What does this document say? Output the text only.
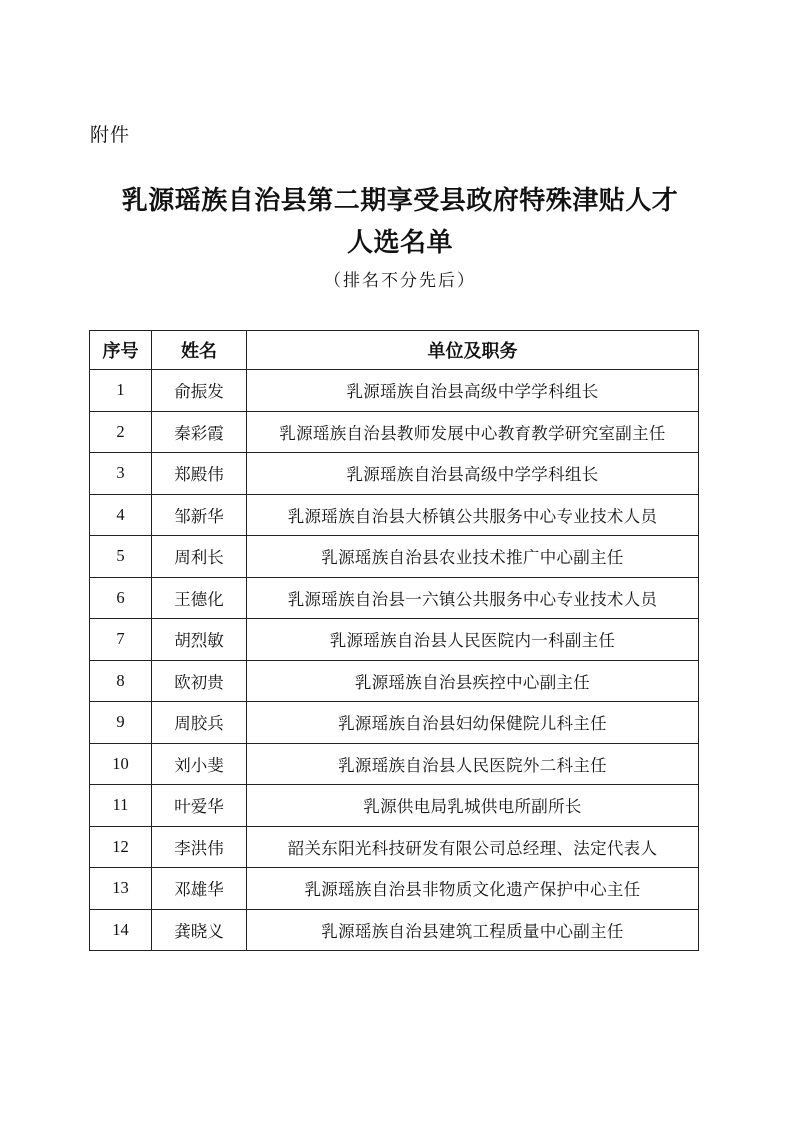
附件
乳源瑶族自治县第二期享受县政府特殊津贴人才
人选名单
（排名不分先后）
序号	姓名	单位及职务
1	俞振发	乳源瑶族自治县高级中学学科组长
2	秦彩霞	乳源瑶族自治县教师发展中心教育教学研究室副主任
3	郑殿伟	乳源瑶族自治县高级中学学科组长
4	邹新华	乳源瑶族自治县大桥镇公共服务中心专业技术人员
5	周利长	乳源瑶族自治县农业技术推广中心副主任
6	王德化	乳源瑶族自治县一六镇公共服务中心专业技术人员
7	胡烈敏	乳源瑶族自治县人民医院内一科副主任
8	欧初贵	乳源瑶族自治县疾控中心副主任
9	周胶兵	乳源瑶族自治县妇幼保健院儿科主任
10	刘小斐	乳源瑶族自治县人民医院外二科主任
11	叶爱华	乳源供电局乳城供电所副所长
12	李洪伟	韶关东阳光科技研发有限公司总经理、法定代表人
13	邓雄华	乳源瑶族自治县非物质文化遗产保护中心主任
14	龚晓义	乳源瑶族自治县建筑工程质量中心副主任
